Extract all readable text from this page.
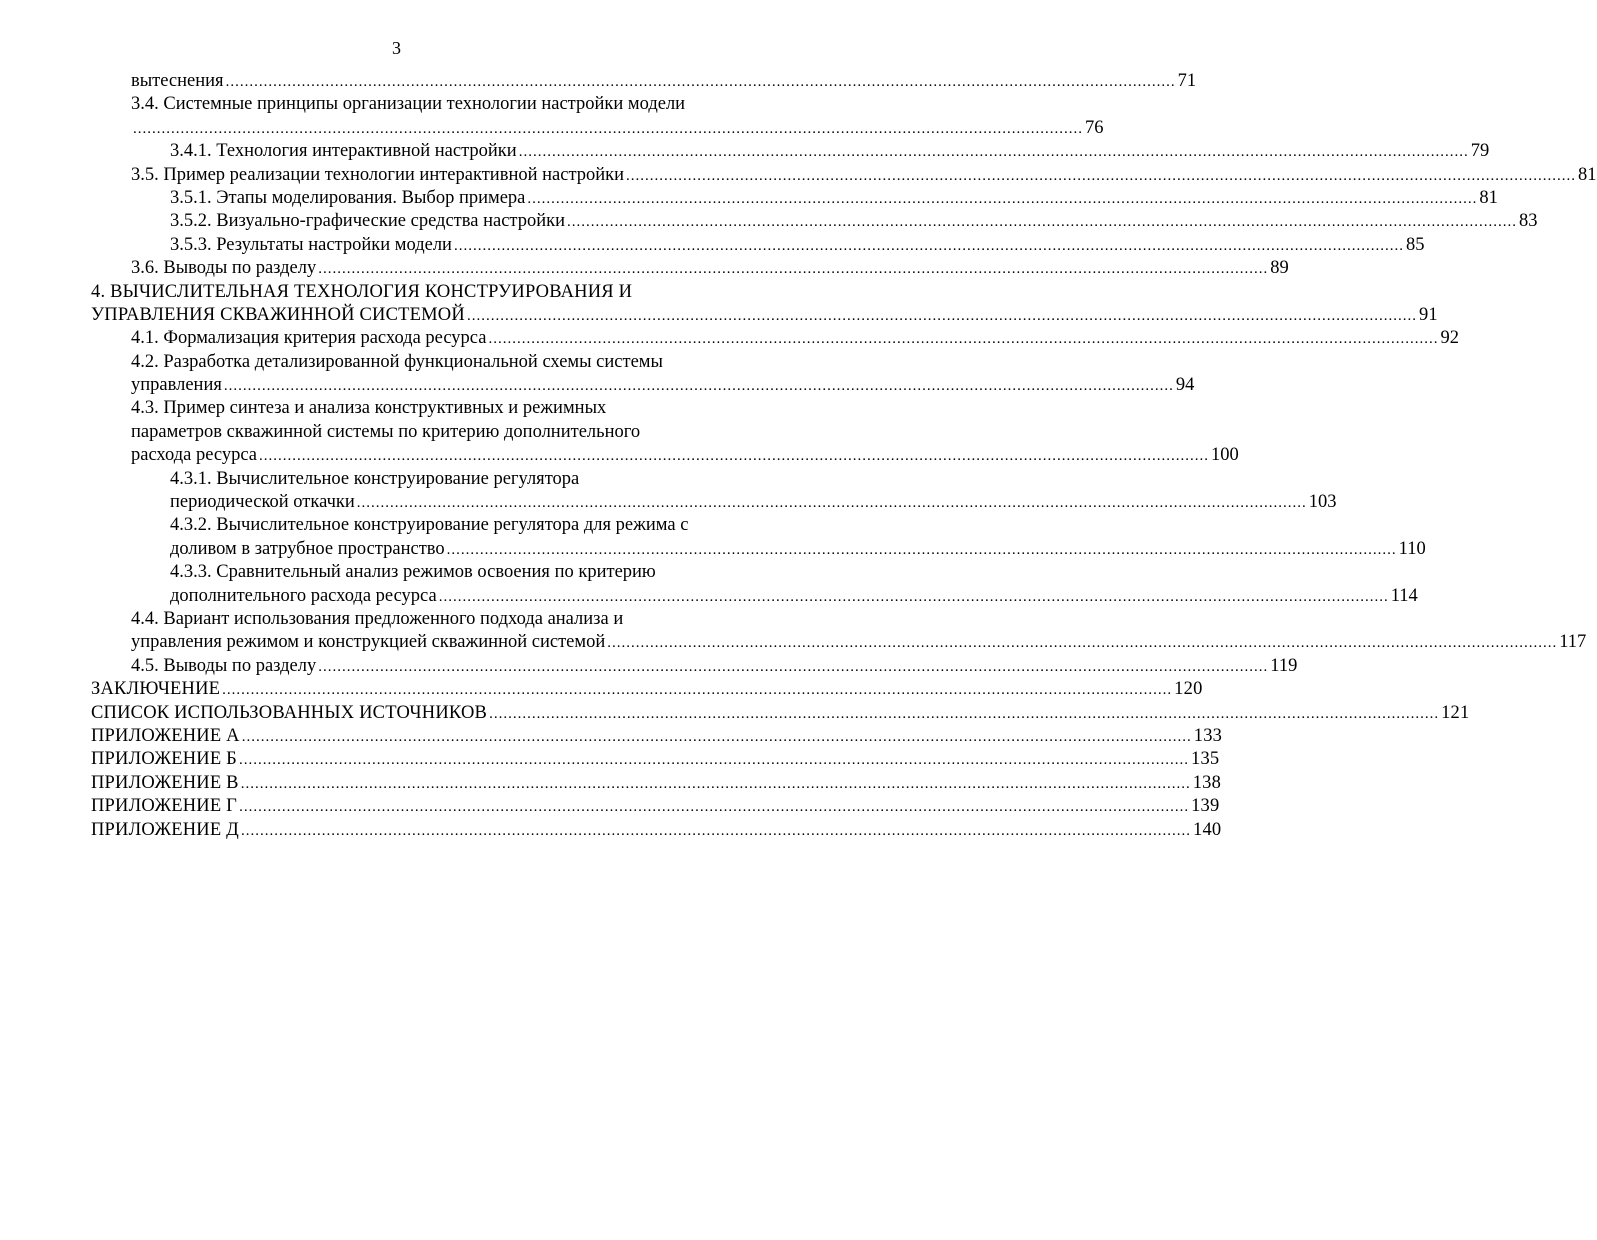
3
вытеснения ........................................................................................................................................................................................................ 71
3.4. Системные принципы организации технологии настройки модели
........................................................................................................................................................................................................ 76
3.4.1. Технология интерактивной настройки ........................................................................................................................................................................................................ 79
3.5. Пример реализации технологии интерактивной настройки ........................................................................................................................................................................................................ 81
3.5.1. Этапы моделирования. Выбор примера ........................................................................................................................................................................................................ 81
3.5.2. Визуально-графические средства настройки ........................................................................................................................................................................................................ 83
3.5.3. Результаты настройки модели ........................................................................................................................................................................................................ 85
3.6. Выводы по разделу ........................................................................................................................................................................................................ 89
4. ВЫЧИСЛИТЕЛЬНАЯ ТЕХНОЛОГИЯ КОНСТРУИРОВАНИЯ И
УПРАВЛЕНИЯ СКВАЖИННОЙ СИСТЕМОЙ ........................................................................................................................................................................................................ 91
4.1. Формализация критерия расхода ресурса ........................................................................................................................................................................................................ 92
4.2. Разработка детализированной функциональной схемы системы
управления ........................................................................................................................................................................................................ 94
4.3. Пример синтеза и анализа конструктивных и режимных
параметров скважинной системы по критерию дополнительного
расхода ресурса ........................................................................................................................................................................................................ 100
4.3.1. Вычислительное конструирование регулятора
периодической откачки ........................................................................................................................................................................................................ 103
4.3.2. Вычислительное конструирование регулятора для режима с
доливом в затрубное пространство ........................................................................................................................................................................................................ 110
4.3.3. Сравнительный анализ режимов освоения по критерию
дополнительного расхода ресурса ........................................................................................................................................................................................................ 114
4.4. Вариант использования предложенного подхода анализа и
управления режимом и конструкцией скважинной системой ........................................................................................................................................................................................................ 117
4.5. Выводы по разделу ........................................................................................................................................................................................................ 119
ЗАКЛЮЧЕНИЕ ........................................................................................................................................................................................................ 120
СПИСОК ИСПОЛЬЗОВАННЫХ ИСТОЧНИКОВ ........................................................................................................................................................................................................ 121
ПРИЛОЖЕНИЕ А ........................................................................................................................................................................................................ 133
ПРИЛОЖЕНИЕ Б ........................................................................................................................................................................................................ 135
ПРИЛОЖЕНИЕ В ........................................................................................................................................................................................................ 138
ПРИЛОЖЕНИЕ Г ........................................................................................................................................................................................................ 139
ПРИЛОЖЕНИЕ Д ........................................................................................................................................................................................................ 140
